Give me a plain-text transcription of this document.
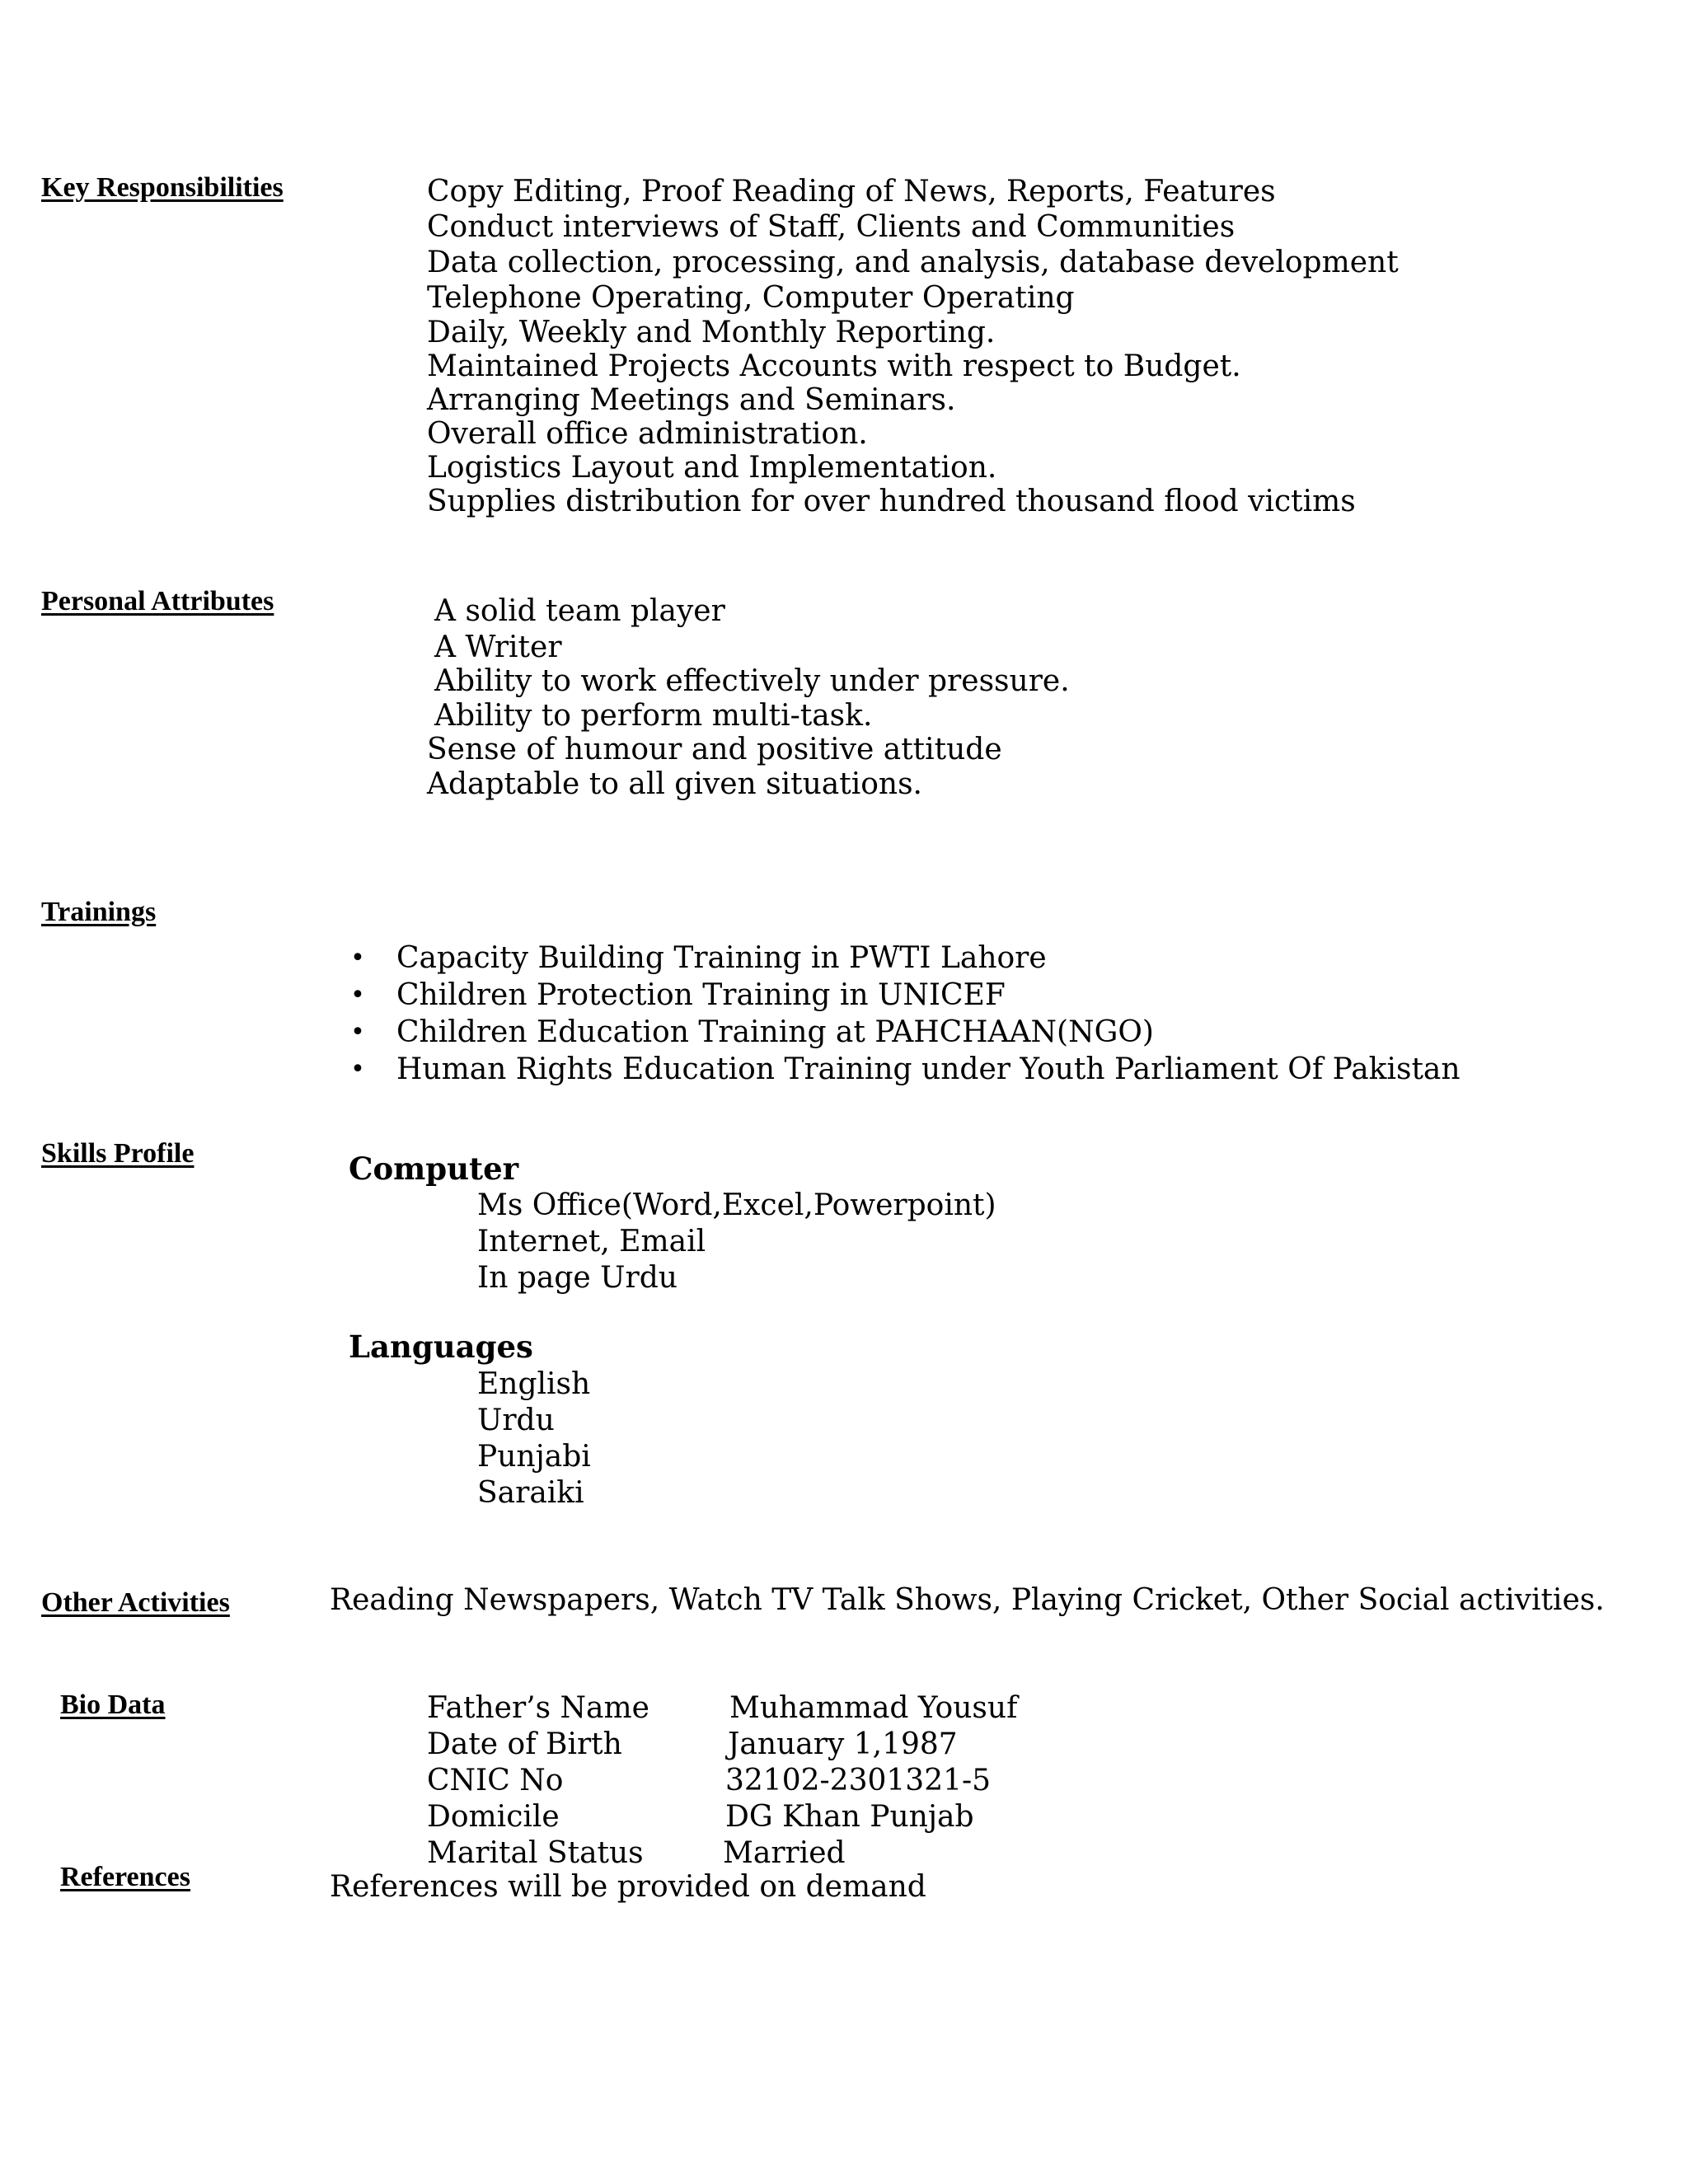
Key Responsibilities	Copy Editing, Proof Reading of News, Reports, Features
Conduct interviews of Staff, Clients and Communities
Data collection, processing, and analysis, database development
Telephone Operating, Computer Operating
Daily, Weekly and Monthly Reporting.
Maintained Projects Accounts with respect to Budget.
Arranging Meetings and Seminars.
Overall office administration.
Logistics Layout and Implementation.
Supplies distribution for over hundred thousand flood victims
Personal Attributes	A solid team player
A Writer
Ability to work effectively under pressure.
Ability to perform multi-task.
Sense of humour and positive attitude
Adaptable to all given situations.
Trainings
• Capacity Building Training in PWTI Lahore
• Children Protection Training in UNICEF
• Children Education Training at PAHCHAAN(NGO)
• Human Rights Education Training under Youth Parliament Of Pakistan
Skills Profile	Computer
Ms Office(Word,Excel,Powerpoint)
Internet, Email
In page Urdu
Languages
English
Urdu
Punjabi
Saraiki
Other Activities	Reading Newspapers, Watch TV Talk Shows, Playing Cricket, Other Social activities.
Bio Data	Father’s Name	Muhammad Yousuf
Date of Birth	January 1,1987
CNIC No	32102-2301321-5
Domicile	DG Khan Punjab
Marital Status	Married
References	References will be provided on demand
